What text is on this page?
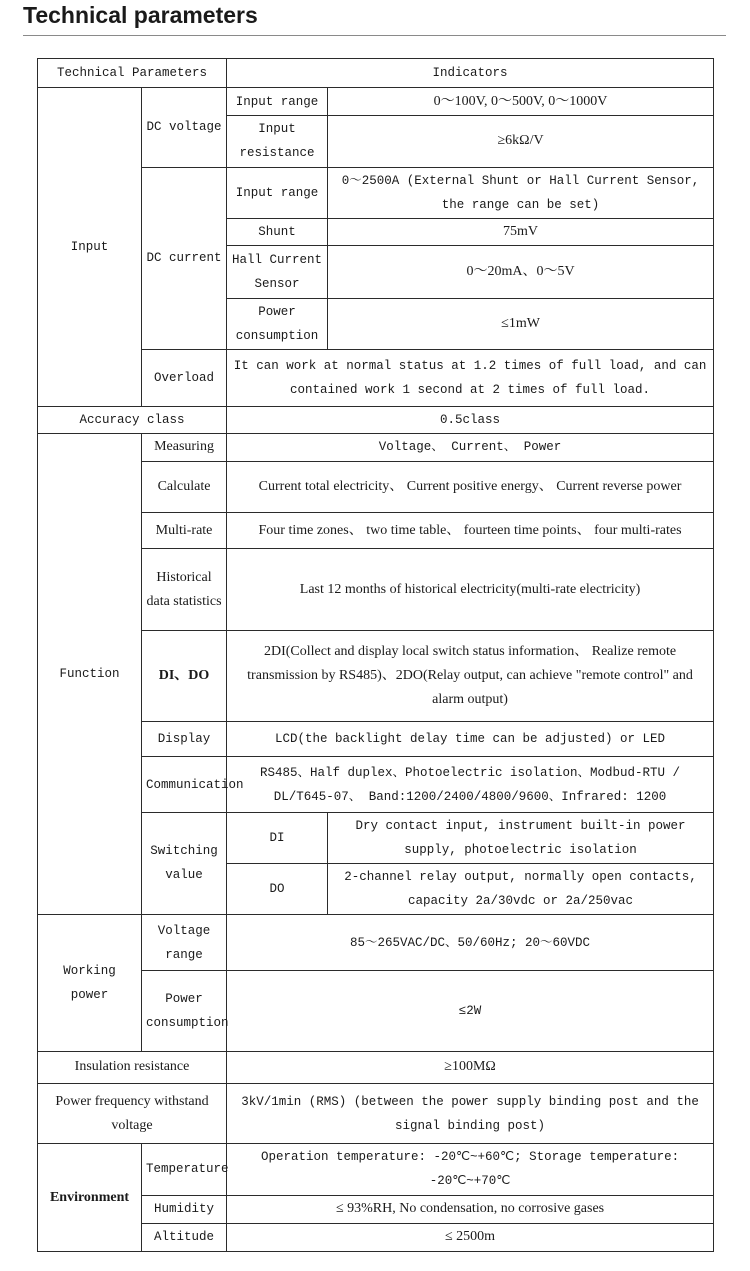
Technical parameters
Technical Parameters		Indicators	
Input	DC voltage	Input range	0～100V, 0～500V, 0～1000V
		Input resistance	≥6kΩ/V
	DC current	Input range	0～2500A (External Shunt or Hall Current Sensor, the range can be set)
		Shunt	75mV
		Hall Current Sensor	0～20mA、0～5V
		Power consumption	≤1mW
	Overload	It can work at normal status at 1.2 times of full load, and can contained work 1 second at 2 times of full load.	
Accuracy class		0.5class	
Function	Measuring	Voltage、 Current、 Power	
	Calculate	Current total electricity、 Current positive energy、 Current reverse power	
	Multi-rate	Four time zones、 two time table、 fourteen time points、 four multi-rates	
	Historical data statistics	Last 12 months of historical electricity(multi-rate electricity)	
	DI、DO	2DI(Collect and display local switch status information、 Realize remote transmission by RS485)、2DO(Relay output, can achieve "remote control" and alarm output)	
	Display	LCD(the backlight delay time can be adjusted) or LED	
	Communication	RS485、Half duplex、Photoelectric isolation、Modbud-RTU / DL/T645-07、 Band:1200/2400/4800/9600、Infrared: 1200	
	Switching value	DI	Dry contact input, instrument built-in power supply, photoelectric isolation
		DO	2-channel relay output, normally open contacts, capacity 2a/30vdc or 2a/250vac
Working power	Voltage range	85～265VAC/DC、50/60Hz; 20～60VDC	
	Power consumption	≤2W	
Insulation resistance		≥100MΩ	
Power frequency withstand voltage		3kV/1min (RMS) (between the power supply binding post and the signal binding post)	
Environment	Temperature	Operation temperature: -20℃~+60℃; Storage temperature: -20℃~+70℃	
	Humidity	≤ 93%RH, No condensation, no corrosive gases	
	Altitude	≤ 2500m	
